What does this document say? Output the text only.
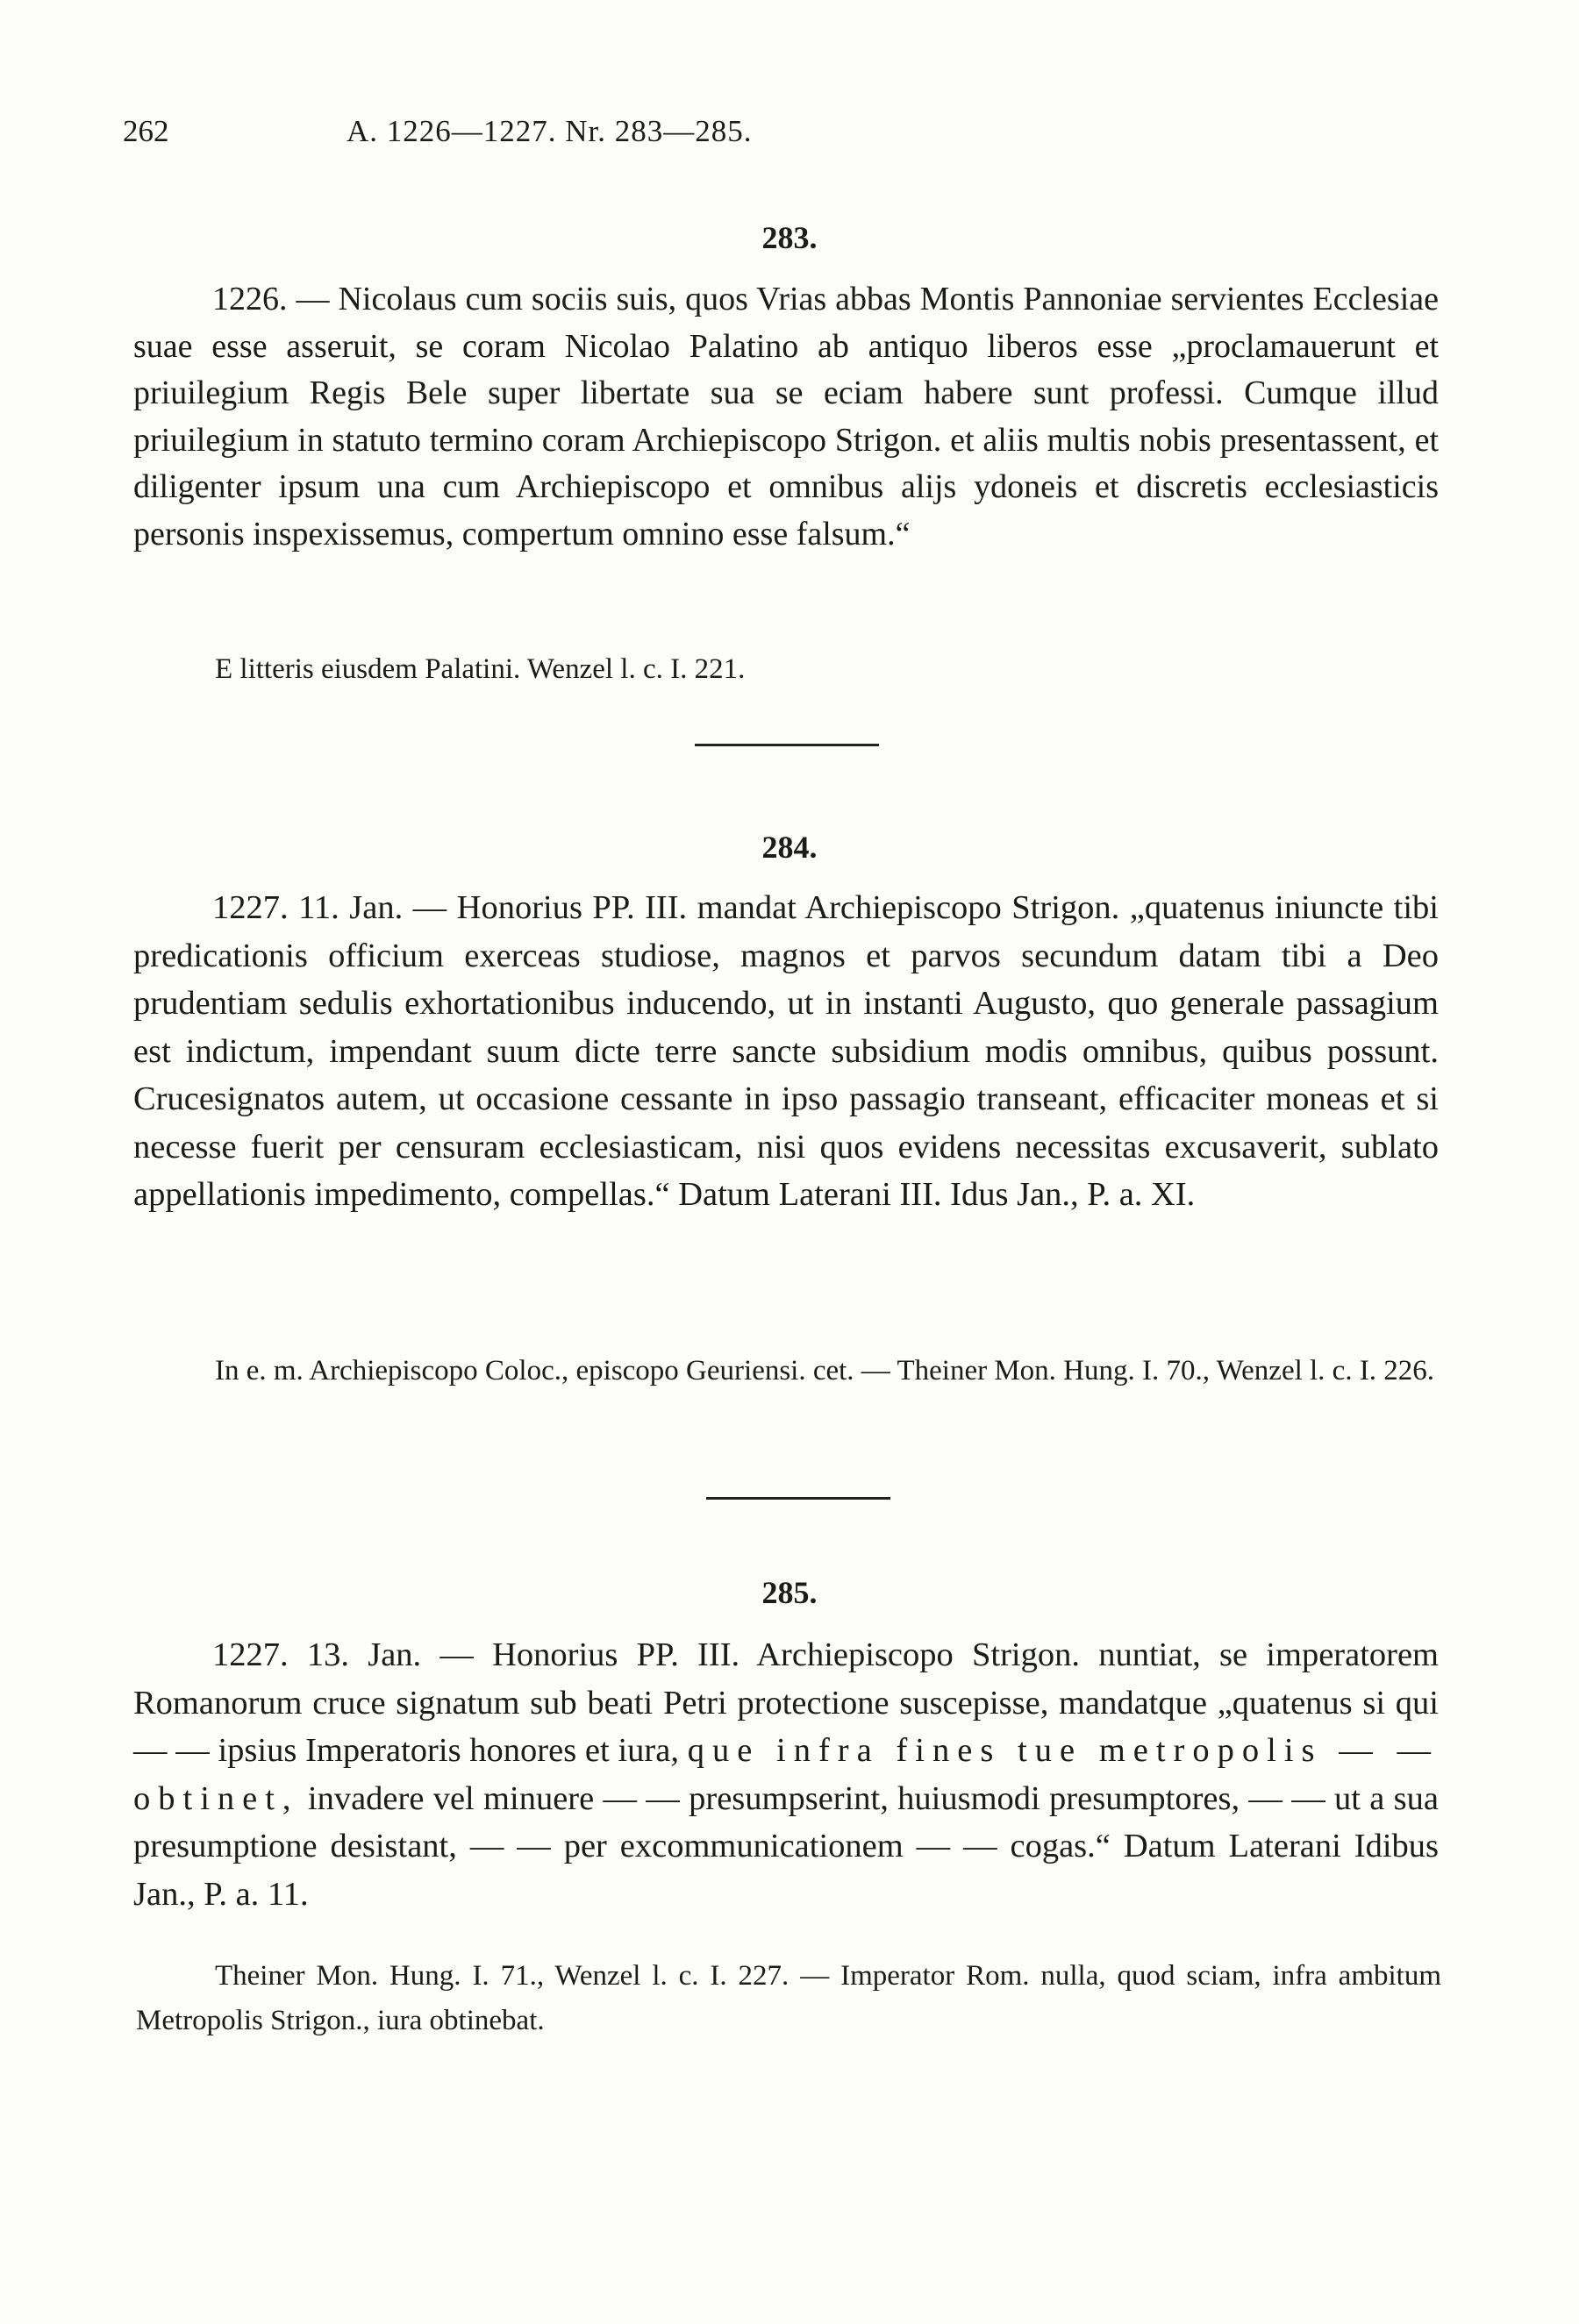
262	A. 1226—1227. Nr. 283—285.
283.

1226. — Nicolaus cum sociis suis, quos Vrias abbas Montis Pannoniae servientes Ecclesiae suae esse asseruit, se coram Nicolao Palatino ab antiquo liberos esse „proclamauerunt et priuilegium Regis Bele super libertate sua se eciam habere sunt professi. Cumque illud priuilegium in statuto termino coram Archiepiscopo Strigon. et aliis multis nobis presentassent, et diligenter ipsum una cum Archiepiscopo et omnibus alijs ydoneis et discretis ecclesiasticis personis inspexissemus, compertum omnino esse falsum.“

E litteris eiusdem Palatini. Wenzel l. c. I. 221.

284.

1227. 11. Jan. — Honorius PP. III. mandat Archiepiscopo Strigon. „quatenus iniuncte tibi predicationis officium exerceas studiose, magnos et parvos secundum datam tibi a Deo prudentiam sedulis exhortationibus inducendo, ut in instanti Augusto, quo generale passagium est indictum, impendant suum dicte terre sancte subsidium modis omnibus, quibus possunt. Crucesignatos autem, ut occasione cessante in ipso passagio transeant, efficaciter moneas et si necesse fuerit per censuram ecclesiasticam, nisi quos evidens necessitas excusaverit, sublato appellationis impedimento, compellas.“ Datum Laterani III. Idus Jan., P. a. XI.

In e. m. Archiepiscopo Coloc., episcopo Geuriensi. cet. — Theiner Mon. Hung. I. 70., Wenzel l. c. I. 226.

285.

1227. 13. Jan. — Honorius PP. III. Archiepiscopo Strigon. nuntiat, se imperatorem Romanorum cruce signatum sub beati Petri protectione suscepisse, mandatque „quatenus si qui — — ipsius Imperatoris honores et iura, que infra fines tue metropolis — — obtinet, invadere vel minuere — — presumpserint, huiusmodi presumptores, — — ut a sua presumptione desistant, — — per excommunicationem — — cogas.“ Datum Laterani Idibus Jan., P. a. 11.

Theiner Mon. Hung. I. 71., Wenzel l. c. I. 227. — Imperator Rom. nulla, quod sciam, infra ambitum Metropolis Strigon., iura obtinebat.
